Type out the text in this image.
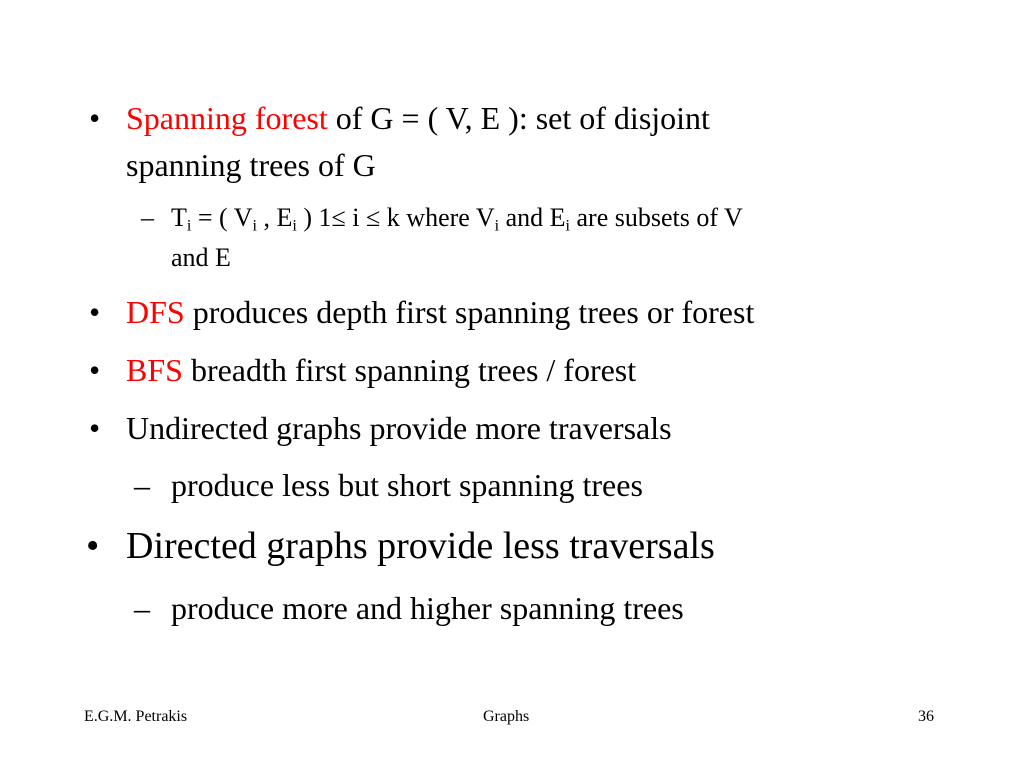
• Spanning forest of G = ( V, E ): set of disjoint
spanning trees of G
– $T_i$ = ( $V_i$ , $E_i$ ) 1≤ i ≤ k where $V_i$ and $E_i$ are subsets of V
and E
• DFS produces depth first spanning trees or forest
• BFS breadth first spanning trees / forest
• Undirected graphs provide more traversals
– produce less but short spanning trees
• Directed graphs provide less traversals
– produce more and higher spanning trees
E.G.M. Petrakis	Graphs	36
